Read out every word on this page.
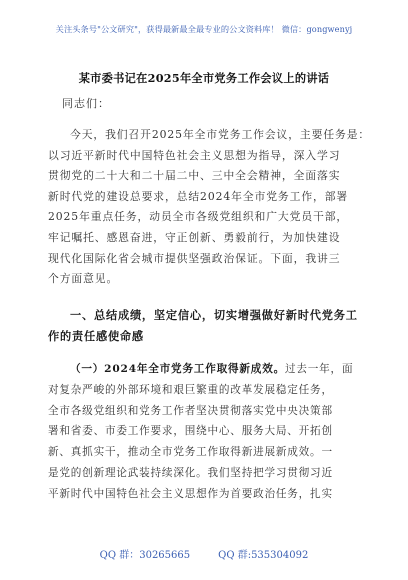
关注头条号"公文研究"，获得最新最全最专业的公文资料库！ 微信：gongwenyj
某市委书记在2025年全市党务工作会议上的讲话
同志们：
今天，我们召开2025年全市党务工作会议，主要任务是：
以习近平新时代中国特色社会主义思想为指导，深入学习
贯彻党的二十大和二十届二中、三中全会精神，全面落实
新时代党的建设总要求，总结2024年全市党务工作，部署
2025年重点任务，动员全市各级党组织和广大党员干部，
牢记嘱托、感恩奋进，守正创新、勇毅前行，为加快建设
现代化国际化省会城市提供坚强政治保证。下面，我讲三
个方面意见。
一、总结成绩，坚定信心，切实增强做好新时代党务工
作的责任感使命感
（一）2024年全市党务工作取得新成效。过去一年，面
对复杂严峻的外部环境和艰巨繁重的改革发展稳定任务，
全市各级党组织和党务工作者坚决贯彻落实党中央决策部
署和省委、市委工作要求，围绕中心、服务大局、开拓创
新、真抓实干，推动全市党务工作取得新进展新成效。一
是党的创新理论武装持续深化。我们坚持把学习贯彻习近
平新时代中国特色社会主义思想作为首要政治任务，扎实
QQ 群：30265665	QQ 群:535304092
